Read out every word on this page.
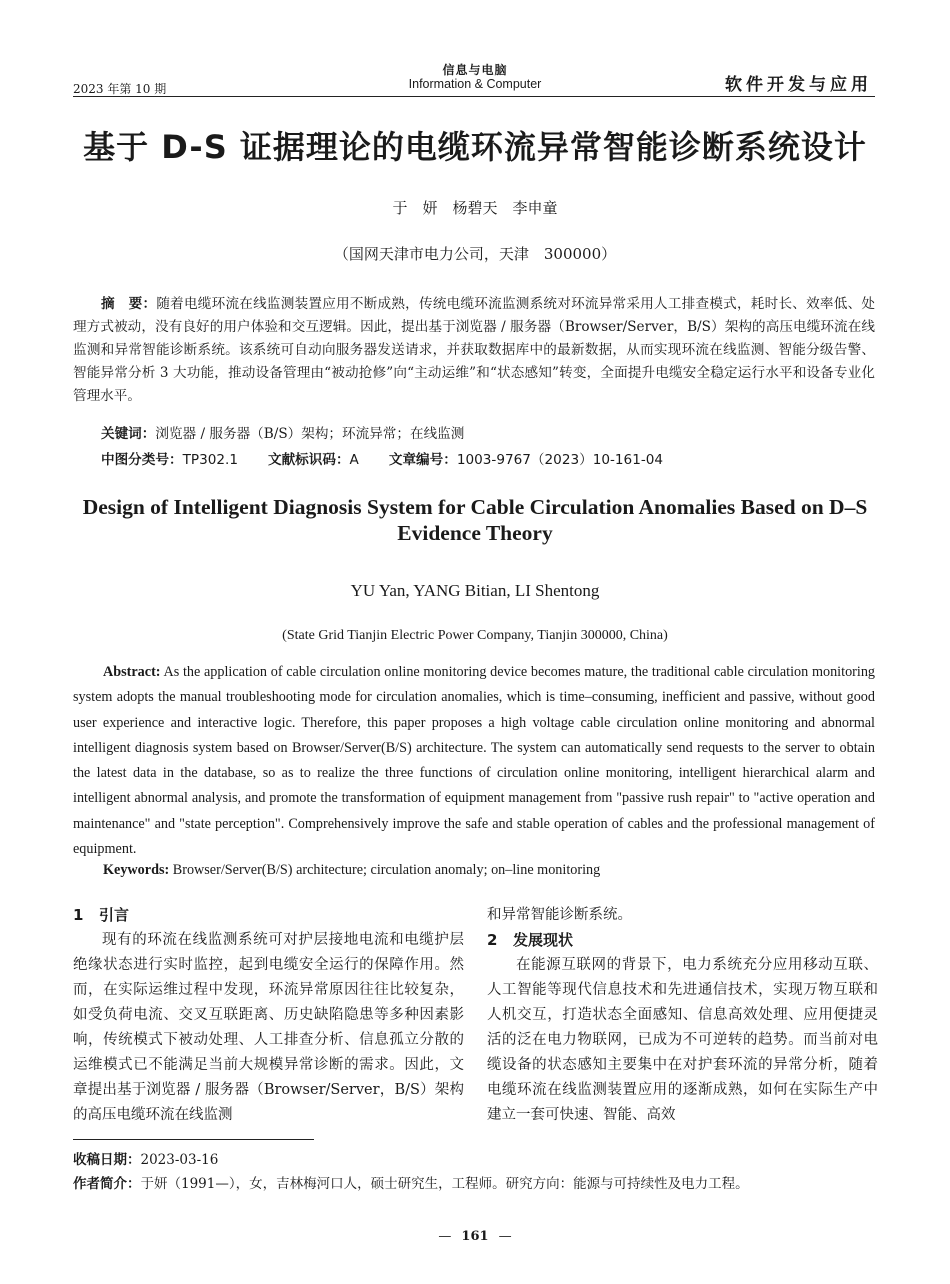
2023 年第 10 期
信息与电脑
Information & Computer	软件开发与应用
基于 D-S 证据理论的电缆环流异常智能诊断系统设计
于　妍　杨碧天　李申童
（国网天津市电力公司，天津　300000）

摘　要：随着电缆环流在线监测装置应用不断成熟，传统电缆环流监测系统对环流异常采用人工排查模式，耗时长、效率低、处理方式被动，没有良好的用户体验和交互逻辑。因此，提出基于浏览器 / 服务器（Browser/Server，B/S）架构的高压电缆环流在线监测和异常智能诊断系统。该系统可自动向服务器发送请求，并获取数据库中的最新数据，从而实现环流在线监测、智能分级告警、智能异常分析 3 大功能，推动设备管理由“被动抢修”向“主动运维”和“状态感知”转变，全面提升电缆安全稳定运行水平和设备专业化管理水平。

关键词：浏览器 / 服务器（B/S）架构；环流异常；在线监测
中图分类号：TP302.1 文献标识码：A 文章编号：1003-9767（2023）10-161-04
Design of Intelligent Diagnosis System for Cable Circulation Anomalies Based on D–S Evidence Theory
YU Yan, YANG Bitian, LI Shentong
(State Grid Tianjin Electric Power Company, Tianjin 300000, China)

Abstract: As the application of cable circulation online monitoring device becomes mature, the traditional cable circulation monitoring system adopts the manual troubleshooting mode for circulation anomalies, which is time–consuming, inefficient and passive, without good user experience and interactive logic. Therefore, this paper proposes a high voltage cable circulation online monitoring and abnormal intelligent diagnosis system based on Browser/Server(B/S) architecture. The system can automatically send requests to the server to obtain the latest data in the database, so as to realize the three functions of circulation online monitoring, intelligent hierarchical alarm and intelligent abnormal analysis, and promote the transformation of equipment management from "passive rush repair" to "active operation and maintenance" and "state perception". Comprehensively improve the safe and stable operation of cables and the professional management of equipment.

Keywords: Browser/Server(B/S) architecture; circulation anomaly; on–line monitoring
1 引言

现有的环流在线监测系统可对护层接地电流和电缆护层绝缘状态进行实时监控，起到电缆安全运行的保障作用。然而，在实际运维过程中发现，环流异常原因往往比较复杂，如受负荷电流、交叉互联距离、历史缺陷隐患等多种因素影响，传统模式下被动处理、人工排查分析、信息孤立分散的运维模式已不能满足当前大规模异常诊断的需求。因此，文章提出基于浏览器 / 服务器（Browser/Server，B/S）架构的高压电缆环流在线监测

和异常智能诊断系统。

2 发展现状

在能源互联网的背景下，电力系统充分应用移动互联、人工智能等现代信息技术和先进通信技术，实现万物互联和人机交互，打造状态全面感知、信息高效处理、应用便捷灵活的泛在电力物联网，已成为不可逆转的趋势。而当前对电缆设备的状态感知主要集中在对护套环流的异常分析，随着电缆环流在线监测装置应用的逐渐成熟，如何在实际生产中建立一套可快速、智能、高效

收稿日期：2023-03-16
作者简介：于妍（1991—），女，吉林梅河口人，硕士研究生，工程师。研究方向：能源与可持续性及电力工程。
— 161 —
